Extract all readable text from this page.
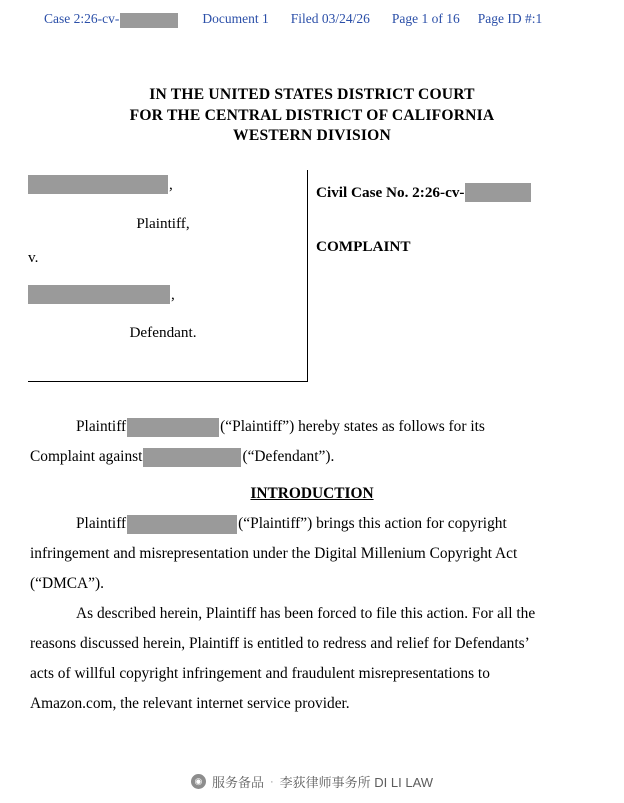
Case 2:26-cv-	Document 1 Filed 03/24/26 Page 1 of 16 Page ID #:1
IN THE UNITED STATES DISTRICT COURT
FOR THE CENTRAL DISTRICT OF CALIFORNIA
WESTERN DIVISION
,
Plaintiff,
v.
,
Defendant.
Civil Case No. 2:26-cv-
COMPLAINT
Plaintiff	(“Plaintiff”) hereby states as follows for its
Complaint against	(“Defendant”).
INTRODUCTION
Plaintiff	(“Plaintiff”) brings this action for copyright
infringement and misrepresentation under the Digital Millenium Copyright Act
(“DMCA”).
As described herein, Plaintiff has been forced to file this action. For all the
reasons discussed herein, Plaintiff is entitled to redress and relief for Defendants’
acts of willful copyright infringement and fraudulent misrepresentations to
Amazon.com, the relevant internet service provider.
◉ 服务备品 · 李荻律师事务所 DI LI LAW
